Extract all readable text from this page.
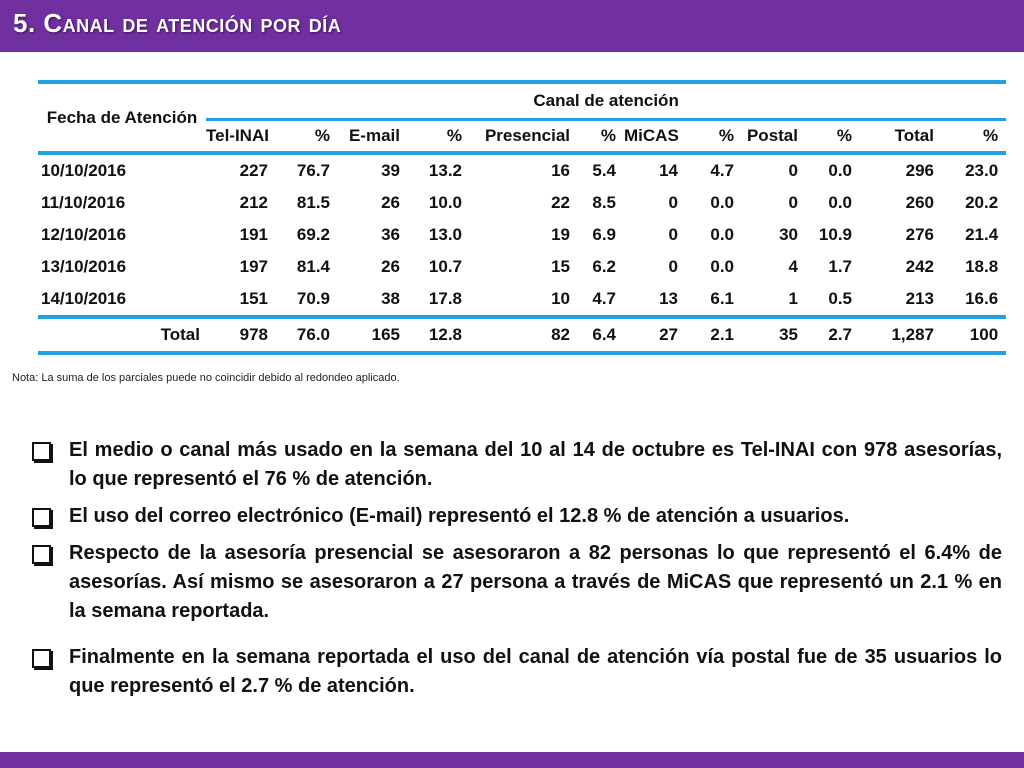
5. Canal de atención por día
Fecha de Atención	Canal de atención											
	Tel-INAI	%	E-mail	%	Presencial	%	MiCAS	%	Postal	%	Total	%
10/10/2016	227	76.7	39	13.2	16	5.4	14	4.7	0	0.0	296	23.0
11/10/2016	212	81.5	26	10.0	22	8.5	0	0.0	0	0.0	260	20.2
12/10/2016	191	69.2	36	13.0	19	6.9	0	0.0	30	10.9	276	21.4
13/10/2016	197	81.4	26	10.7	15	6.2	0	0.0	4	1.7	242	18.8
14/10/2016	151	70.9	38	17.8	10	4.7	13	6.1	1	0.5	213	16.6
Total	978	76.0	165	12.8	82	6.4	27	2.1	35	2.7	1,287	100
Nota: La suma de los parciales puede no coincidir debido al redondeo aplicado.
El medio o canal más usado en la semana del 10 al 14 de octubre es Tel-INAI con 978 asesorías, lo que representó el 76 % de atención.
El uso del correo electrónico (E-mail) representó el 12.8 % de atención a usuarios.
Respecto de la asesoría presencial se asesoraron a 82 personas lo que representó el 6.4% de asesorías. Así mismo se asesoraron a 27 persona a través de MiCAS que representó un 2.1 % en la semana reportada.
Finalmente en la semana reportada el uso del canal de atención vía postal fue de 35 usuarios lo que representó el 2.7 % de atención.
